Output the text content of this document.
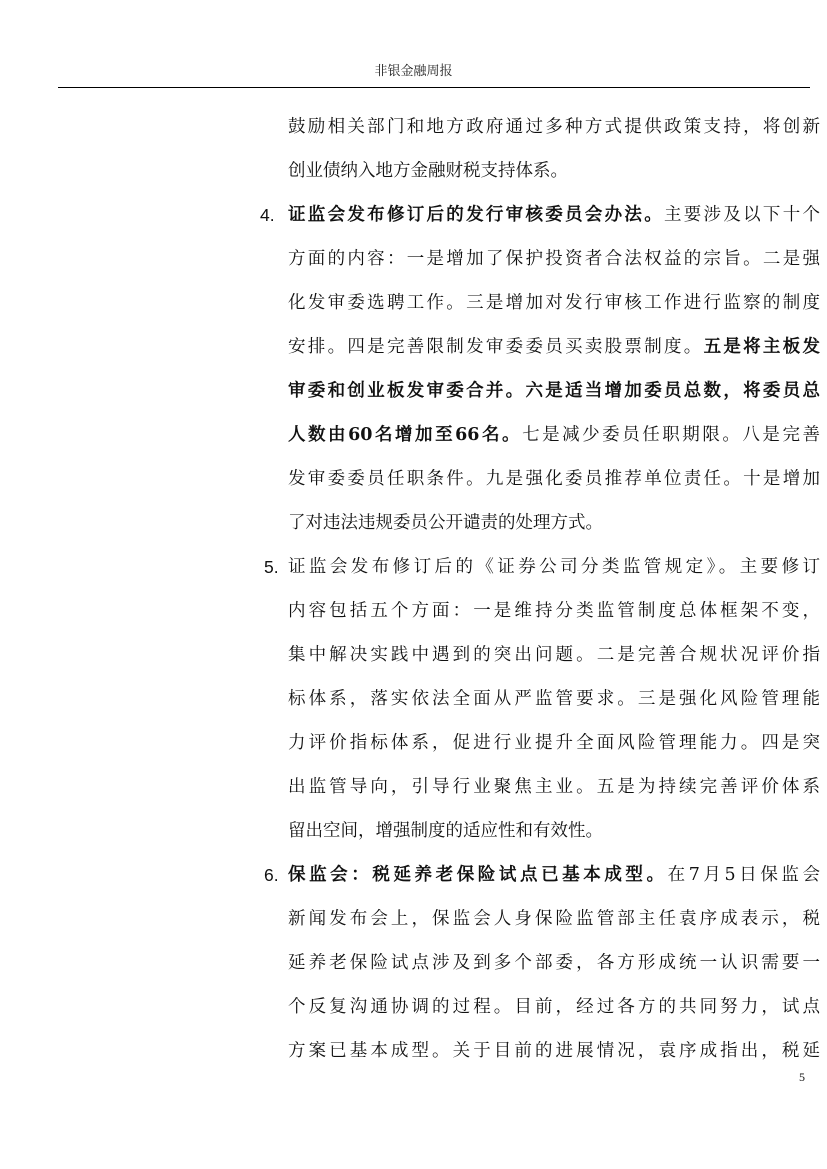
非银金融周报
鼓励相关部门和地方政府通过多种方式提供政策支持，将创新
创业债纳入地方金融财税支持体系。
4. 证监会发布修订后的发行审核委员会办法。主要涉及以下十个
方面的内容：一是增加了保护投资者合法权益的宗旨。二是强
化发审委选聘工作。三是增加对发行审核工作进行监察的制度
安排。四是完善限制发审委委员买卖股票制度。五是将主板发
审委和创业板发审委合并。六是适当增加委员总数，将委员总
人数由60名增加至66名。七是减少委员任职期限。八是完善
发审委委员任职条件。九是强化委员推荐单位责任。十是增加
了对违法违规委员公开谴责的处理方式。
5. 证监会发布修订后的《证券公司分类监管规定》。主要修订
内容包括五个方面：一是维持分类监管制度总体框架不变，
集中解决实践中遇到的突出问题。二是完善合规状况评价指
标体系，落实依法全面从严监管要求。三是强化风险管理能
力评价指标体系，促进行业提升全面风险管理能力。四是突
出监管导向，引导行业聚焦主业。五是为持续完善评价体系
留出空间，增强制度的适应性和有效性。
6. 保监会：税延养老保险试点已基本成型。在7月5日保监会
新闻发布会上，保监会人身保险监管部主任袁序成表示，税
延养老保险试点涉及到多个部委，各方形成统一认识需要一
个反复沟通协调的过程。目前，经过各方的共同努力，试点
方案已基本成型。关于目前的进展情况，袁序成指出，税延
5
